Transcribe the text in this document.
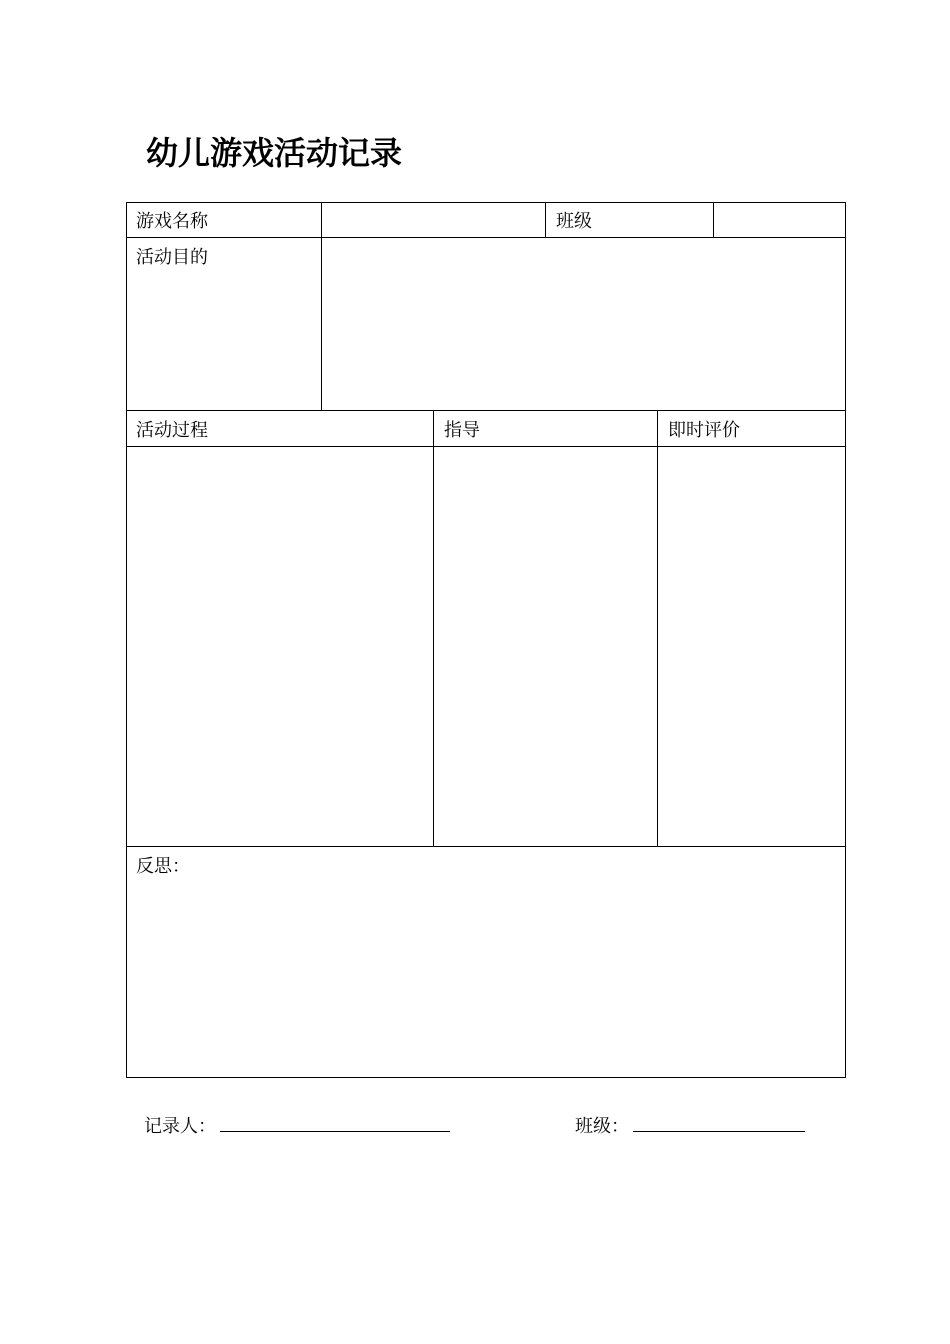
幼儿游戏活动记录
游戏名称	班级
活动目的
活动过程	指导	即时评价
反思：
记录人：	班级：
